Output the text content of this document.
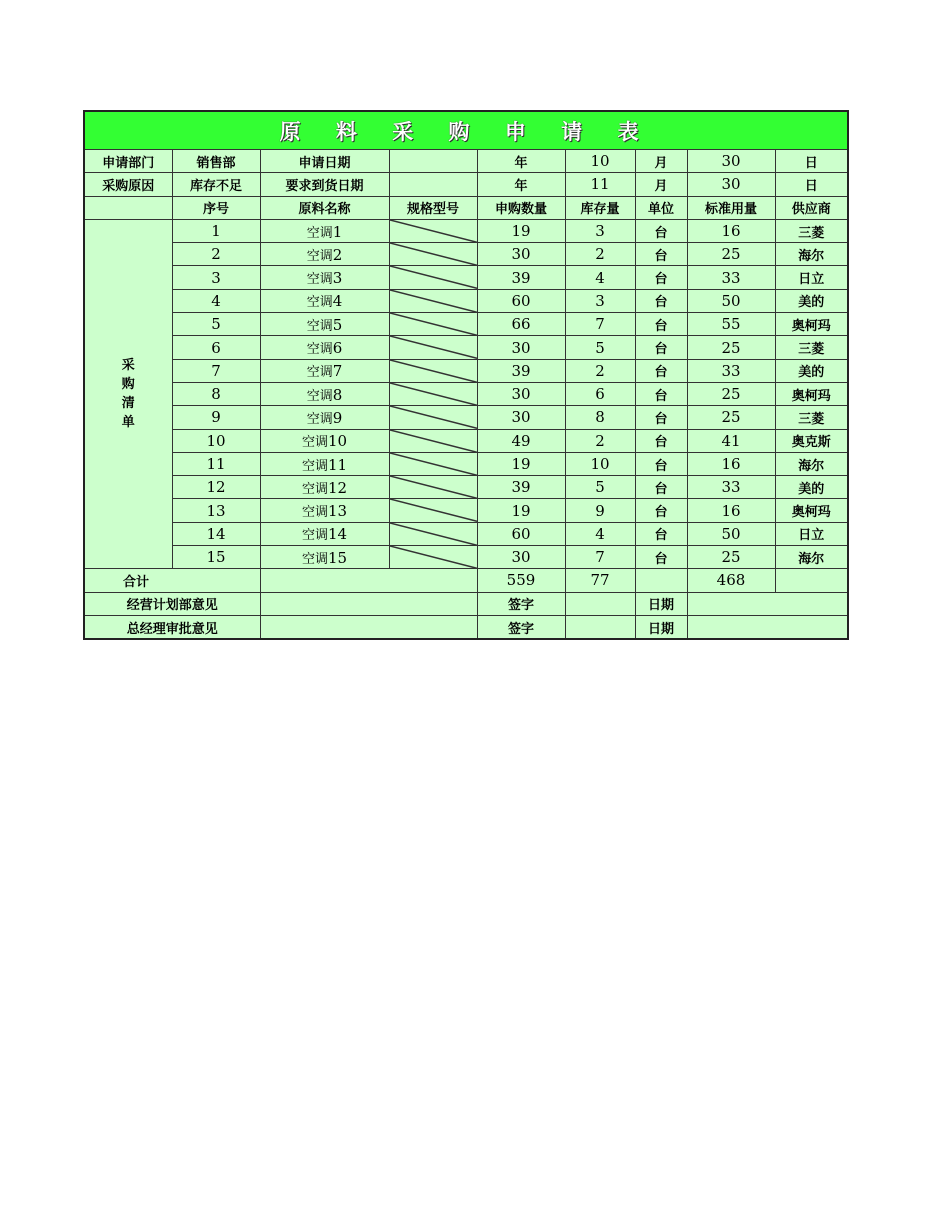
原 料 采 购 申 请 表								
申请部门	销售部	申请日期		年	10	月	30	日
采购原因	库存不足	要求到货日期		年	11	月	30	日
	序号	原料名称	规格型号	申购数量	库存量	单位	标准用量	供应商

采
购
清
单	1	空调1		19	3	台	16	三菱
	2	空调2		30	2	台	25	海尔
	3	空调3		39	4	台	33	日立
	4	空调4		60	3	台	50	美的
	5	空调5		66	7	台	55	奥柯玛
	6	空调6		30	5	台	25	三菱
	7	空调7		39	2	台	33	美的
	8	空调8		30	6	台	25	奥柯玛
	9	空调9		30	8	台	25	三菱
	10	空调10		49	2	台	41	奥克斯
	11	空调11		19	10	台	16	海尔
	12	空调12		39	5	台	33	美的
	13	空调13		19	9	台	16	奥柯玛
	14	空调14		60	4	台	50	日立
	15	空调15		30	7	台	25	海尔
合计				559	77		468	
经营计划部意见				签字		日期		
总经理审批意见				签字		日期		
